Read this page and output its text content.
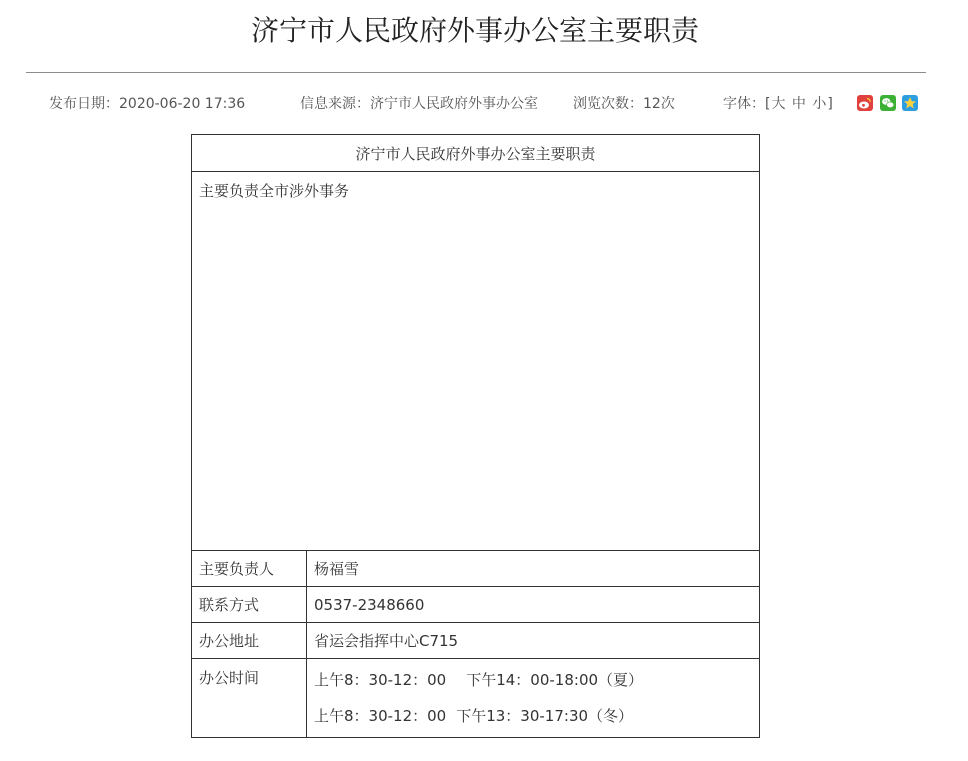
济宁市人民政府外事办公室主要职责
发布日期：2020-06-20 17:36	信息来源：济宁市人民政府外事办公室	浏览次数：12次	字体：[大 中 小]
济宁市人民政府外事办公室主要职责	
主要负责全市涉外事务	
主要负责人	杨福雪
联系方式	0537-2348660
办公地址	省运会指挥中心C715
办公时间	上午8：30-12：00 下午14：00-18:00（夏）
上午8：30-12：00 下午13：30-17:30（冬）
